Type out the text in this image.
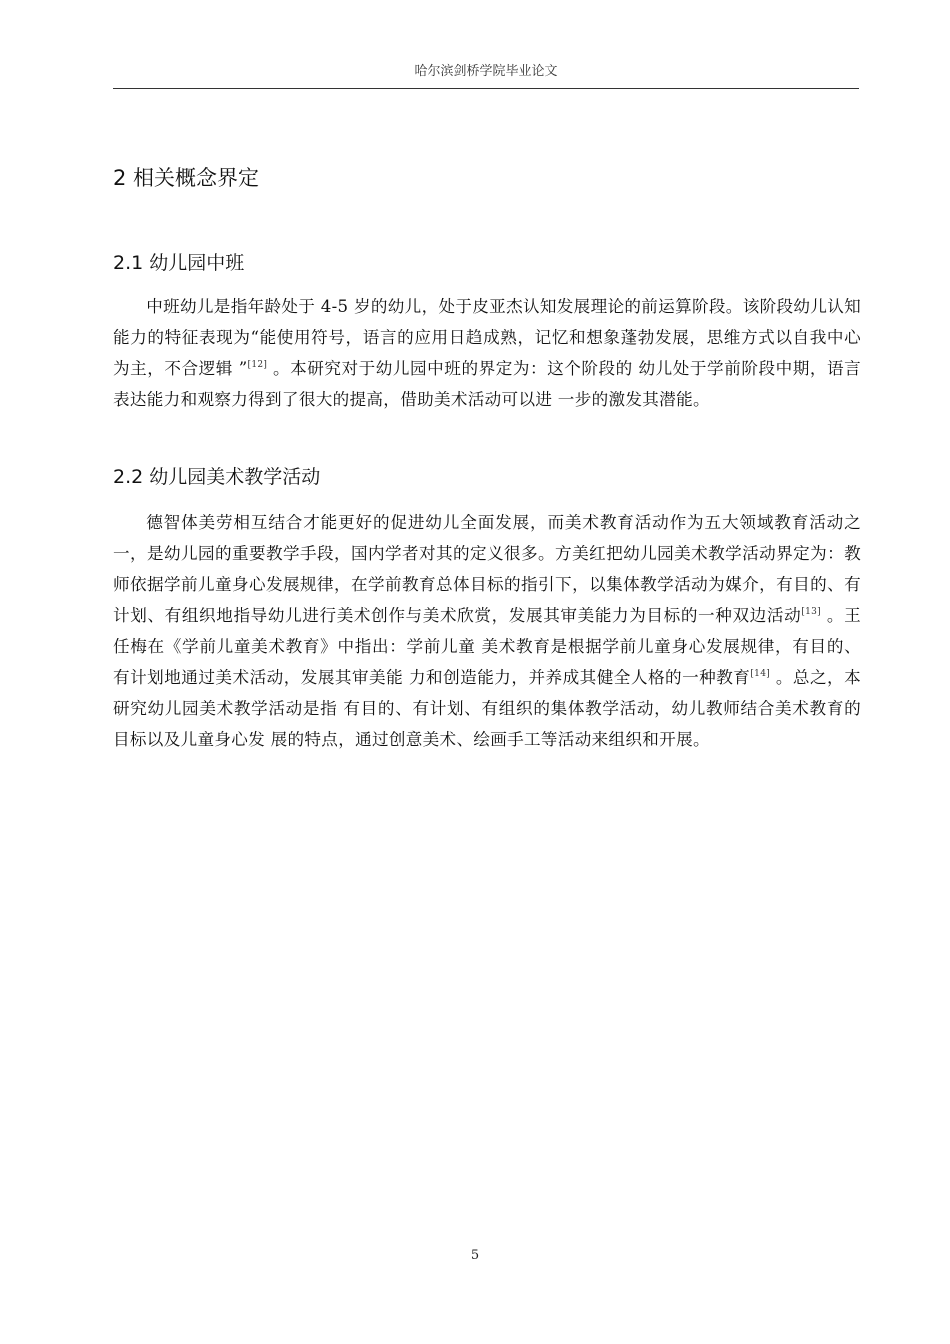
哈尔滨剑桥学院毕业论文
2 相关概念界定
2.1 幼儿园中班

中班幼儿是指年龄处于 4-5 岁的幼儿，处于皮亚杰认知发展理论的前运算阶段。该阶段幼儿认知能力的特征表现为“能使用符号，语言的应用日趋成熟，记忆和想象蓬勃发展，思维方式以自我中心为主，不合逻辑 ”[12] 。本研究对于幼儿园中班的界定为：这个阶段的 幼儿处于学前阶段中期，语言表达能力和观察力得到了很大的提高，借助美术活动可以进 一步的激发其潜能。

2.2 幼儿园美术教学活动

德智体美劳相互结合才能更好的促进幼儿全面发展，而美术教育活动作为五大领域教育活动之一，是幼儿园的重要教学手段，国内学者对其的定义很多。方美红把幼儿园美术教学活动界定为：教师依据学前儿童身心发展规律，在学前教育总体目标的指引下，以集体教学活动为媒介，有目的、有计划、有组织地指导幼儿进行美术创作与美术欣赏，发展其审美能力为目标的一种双边活动[13] 。王任梅在《学前儿童美术教育》中指出：学前儿童 美术教育是根据学前儿童身心发展规律，有目的、有计划地通过美术活动，发展其审美能 力和创造能力，并养成其健全人格的一种教育[14] 。总之，本研究幼儿园美术教学活动是指 有目的、有计划、有组织的集体教学活动，幼儿教师结合美术教育的目标以及儿童身心发 展的特点，通过创意美术、绘画手工等活动来组织和开展。

5
